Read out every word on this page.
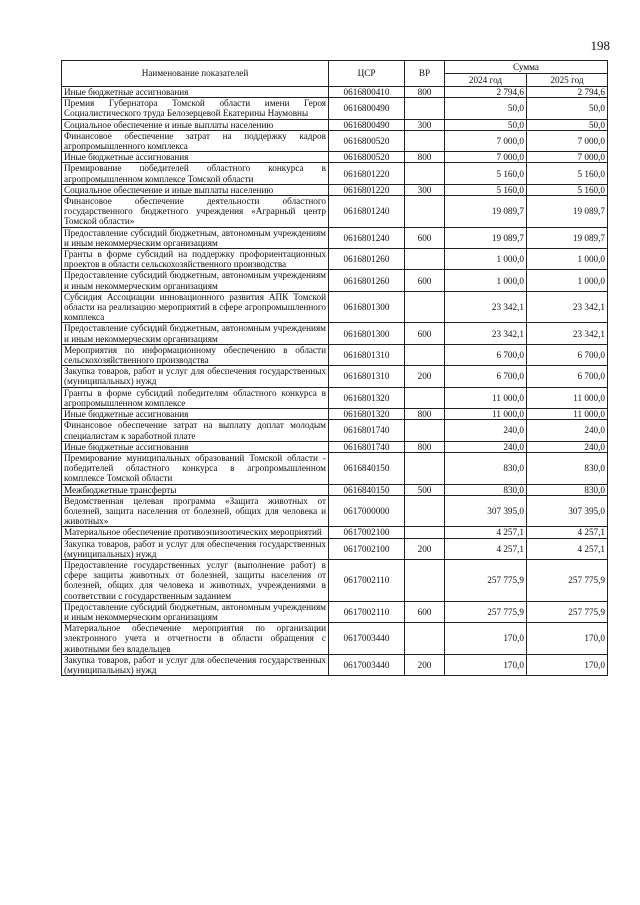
198
Наименование показателей	ЦСР	ВР	Сумма	
			2024 год	2025 год
Иные бюджетные ассигнования	0616800410	800	2 794,6	2 794,6
Премия Губернатора Томской области имени Героя Социалистического труда Белозерцевой Екатерины Наумовны	0616800490		50,0	50,0
Социальное обеспечение и иные выплаты населению	0616800490	300	50,0	50,0
Финансовое обеспечение затрат на поддержку кадров агропромышленного комплекса	0616800520		7 000,0	7 000,0
Иные бюджетные ассигнования	0616800520	800	7 000,0	7 000,0
Премирование победителей областного конкурса в агропромышленном комплексе Томской области	0616801220		5 160,0	5 160,0
Социальное обеспечение и иные выплаты населению	0616801220	300	5 160,0	5 160,0
Финансовое обеспечение деятельности областного государственного бюджетного учреждения «Аграрный центр Томской области»	0616801240		19 089,7	19 089,7
Предоставление субсидий бюджетным, автономным учреждениям и иным некоммерческим организациям	0616801240	600	19 089,7	19 089,7
Гранты в форме субсидий на поддержку профориентационных проектов в области сельскохозяйственного производства	0616801260		1 000,0	1 000,0
Предоставление субсидий бюджетным, автономным учреждениям и иным некоммерческим организациям	0616801260	600	1 000,0	1 000,0
Субсидия Ассоциации инновационного развития АПК Томской области на реализацию мероприятий в сфере агропромышленного комплекса	0616801300		23 342,1	23 342,1
Предоставление субсидий бюджетным, автономным учреждениям и иным некоммерческим организациям	0616801300	600	23 342,1	23 342,1
Мероприятия по информационному обеспечению в области сельскохозяйственного производства	0616801310		6 700,0	6 700,0
Закупка товаров, работ и услуг для обеспечения государственных (муниципальных) нужд	0616801310	200	6 700,0	6 700,0
Гранты в форме субсидий победителям областного конкурса в агропромышленном комплексе	0616801320		11 000,0	11 000,0
Иные бюджетные ассигнования	0616801320	800	11 000,0	11 000,0
Финансовое обеспечение затрат на выплату доплат молодым специалистам к заработной плате	0616801740		240,0	240,0
Иные бюджетные ассигнования	0616801740	800	240,0	240,0
Премирование муниципальных образований Томской области - победителей областного конкурса в агропромышленном комплексе Томской области	0616840150		830,0	830,0
Межбюджетные трансферты	0616840150	500	830,0	830,0
Ведомственная целевая программа «Защита животных от болезней, защита населения от болезней, общих для человека и животных»	0617000000		307 395,0	307 395,0
Материальное обеспечение противоэпизоотических мероприятий	0617002100		4 257,1	4 257,1
Закупка товаров, работ и услуг для обеспечения государственных (муниципальных) нужд	0617002100	200	4 257,1	4 257,1
Предоставление государственных услуг (выполнение работ) в сфере защиты животных от болезней, защиты населения от болезней, общих для человека и животных, учреждениями в соответствии с государственным заданием	0617002110		257 775,9	257 775,9
Предоставление субсидий бюджетным, автономным учреждениям и иным некоммерческим организациям	0617002110	600	257 775,9	257 775,9
Материальное обеспечение мероприятия по организации электронного учета и отчетности в области обращения с животными без владельцев	0617003440		170,0	170,0
Закупка товаров, работ и услуг для обеспечения государственных (муниципальных) нужд	0617003440	200	170,0	170,0
